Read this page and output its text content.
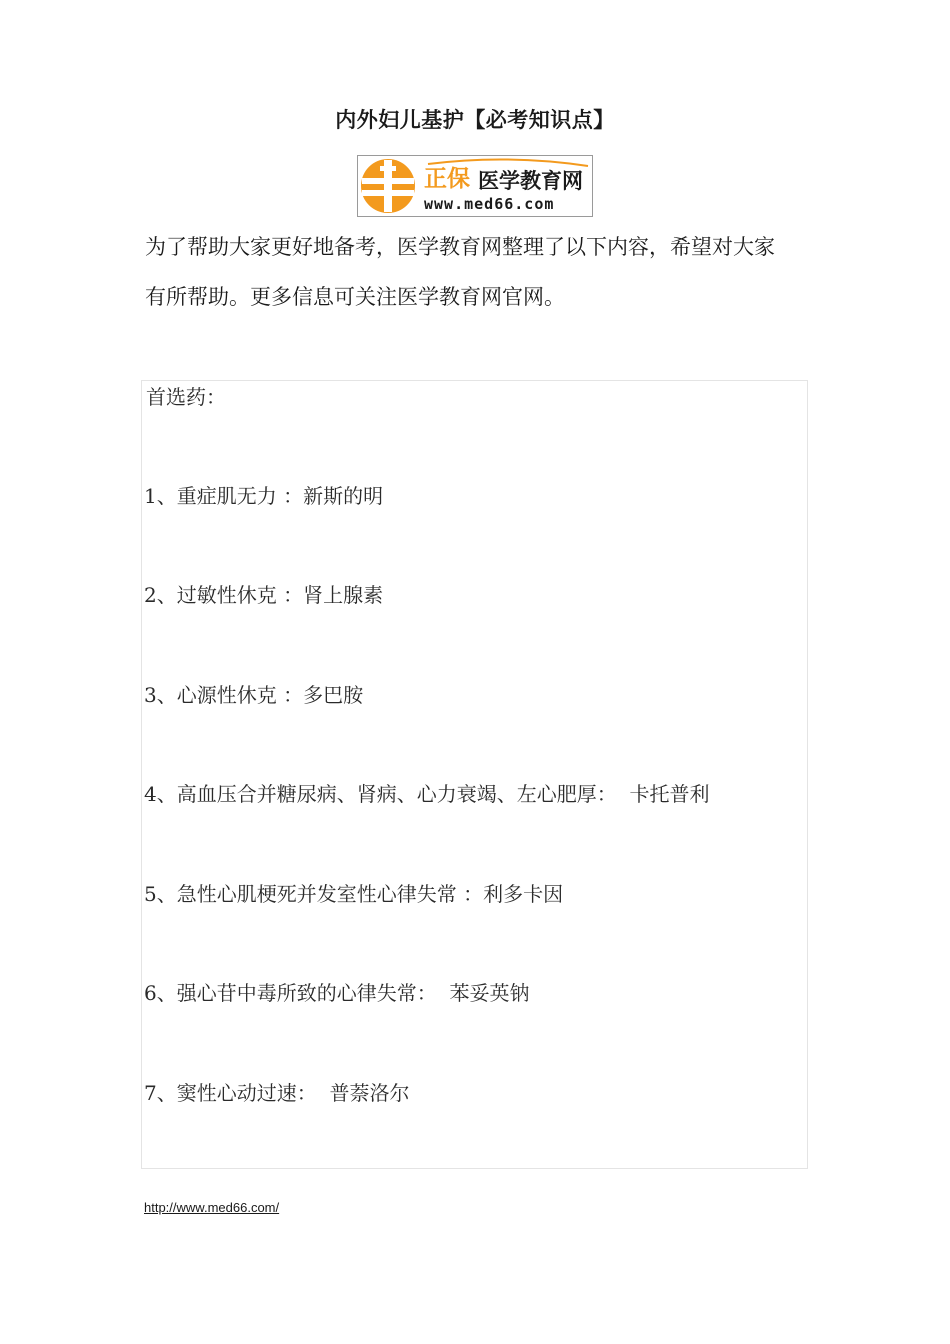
内外妇儿基护【必考知识点】
正保 医学教育网
www.med66.com
为了帮助大家更好地备考，医学教育网整理了以下内容，希望对大家
有所帮助。更多信息可关注医学教育网官网。
首选药：
1、重症肌无力 ：新斯的明
2、过敏性休克 ：肾上腺素
3、心源性休克 ：多巴胺
4、高血压合并糖尿病、肾病、心力衰竭、左心肥厚：  卡托普利
5、急性心肌梗死并发室性心律失常 ：利多卡因
6、强心苷中毒所致的心律失常：  苯妥英钠
7、窦性心动过速：  普萘洛尔
http://www.med66.com/
